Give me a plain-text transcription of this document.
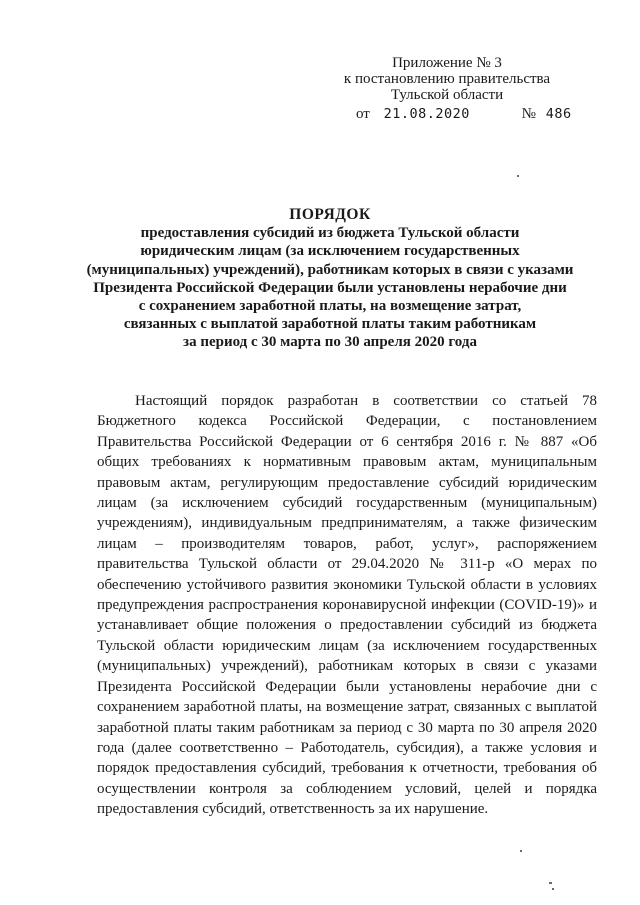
Приложение № 3
к постановлению правительства
Тульской области
от 21.08.2020	№ 486
ПОРЯДОК
предоставления субсидий из бюджета Тульской области
юридическим лицам (за исключением государственных
(муниципальных) учреждений), работникам которых в связи с указами
Президента Российской Федерации были установлены нерабочие дни
с сохранением заработной платы, на возмещение затрат,
связанных с выплатой заработной платы таким работникам
за период с 30 марта по 30 апреля 2020 года

Настоящий порядок разработан в соответствии со статьей 78 Бюджетного кодекса Российской Федерации, с постановлением Правительства Российской Федерации от 6 сентября 2016 г. № 887 «Об общих требованиях к нормативным правовым актам, муниципальным правовым актам, регулирующим предоставление субсидий юридическим лицам (за исключением субсидий государственным (муниципальным) учреждениям), индивидуальным предпринимателям, а также физическим лицам – производителям товаров, работ, услуг», распоряжением правительства Тульской области от 29.04.2020 № 311-р «О мерах по обеспечению устойчивого развития экономики Тульской области в условиях предупреждения распространения коронавирусной инфекции (COVID-19)» и устанавливает общие положения о предоставлении субсидий из бюджета Тульской области юридическим лицам (за исключением государственных (муниципальных) учреждений), работникам которых в связи с указами Президента Российской Федерации были установлены нерабочие дни с сохранением заработной платы, на возмещение затрат, связанных с выплатой заработной платы таким работникам за период с 30 марта по 30 апреля 2020 года (далее соответственно – Работодатель, субсидия), а также условия и порядок предоставления субсидий, требования к отчетности, требования об осуществлении контроля за соблюдением условий, целей и порядка предоставления субсидий, ответственность за их нарушение.
